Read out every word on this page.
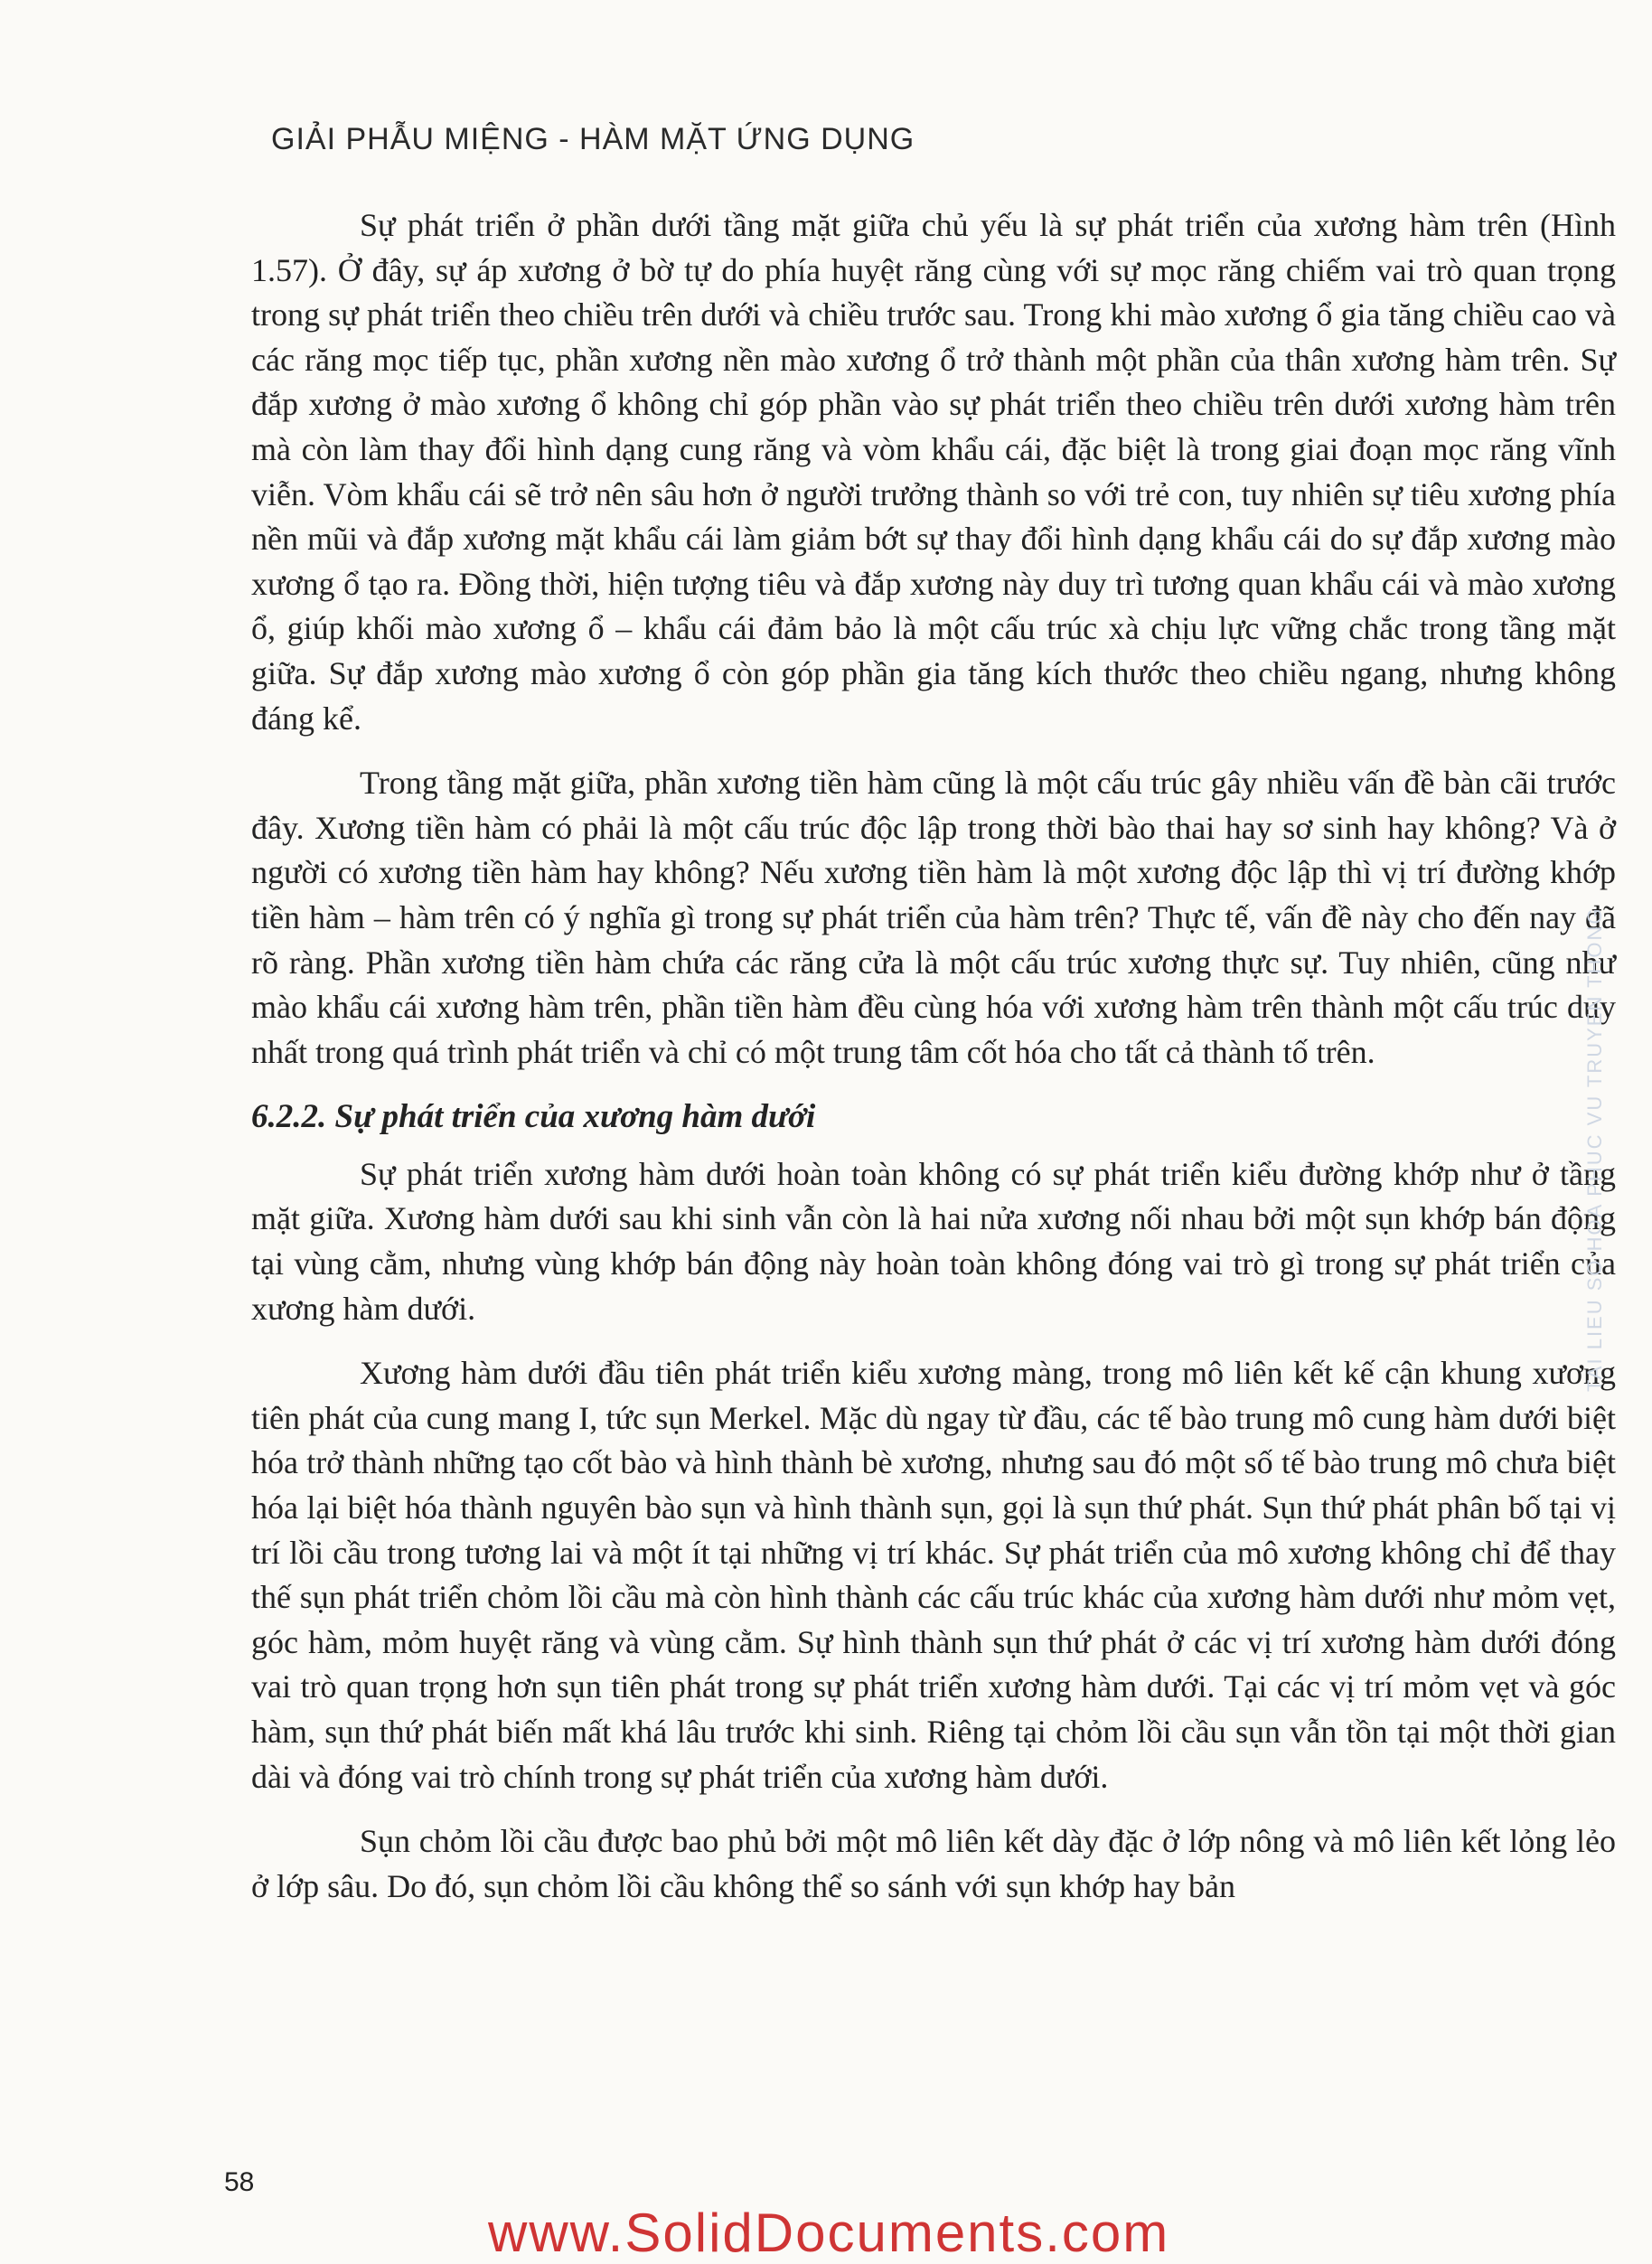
GIẢI PHẪU MIỆNG - HÀM MẶT ỨNG DỤNG

Sự phát triển ở phần dưới tầng mặt giữa chủ yếu là sự phát triển của xương hàm trên (Hình 1.57). Ở đây, sự áp xương ở bờ tự do phía huyệt răng cùng với sự mọc răng chiếm vai trò quan trọng trong sự phát triển theo chiều trên dưới và chiều trước sau. Trong khi mào xương ổ gia tăng chiều cao và các răng mọc tiếp tục, phần xương nền mào xương ổ trở thành một phần của thân xương hàm trên. Sự đắp xương ở mào xương ổ không chỉ góp phần vào sự phát triển theo chiều trên dưới xương hàm trên mà còn làm thay đổi hình dạng cung răng và vòm khẩu cái, đặc biệt là trong giai đoạn mọc răng vĩnh viễn. Vòm khẩu cái sẽ trở nên sâu hơn ở người trưởng thành so với trẻ con, tuy nhiên sự tiêu xương phía nền mũi và đắp xương mặt khẩu cái làm giảm bớt sự thay đổi hình dạng khẩu cái do sự đắp xương mào xương ổ tạo ra. Đồng thời, hiện tượng tiêu và đắp xương này duy trì tương quan khẩu cái và mào xương ổ, giúp khối mào xương ổ – khẩu cái đảm bảo là một cấu trúc xà chịu lực vững chắc trong tầng mặt giữa. Sự đắp xương mào xương ổ còn góp phần gia tăng kích thước theo chiều ngang, nhưng không đáng kể.

Trong tầng mặt giữa, phần xương tiền hàm cũng là một cấu trúc gây nhiều vấn đề bàn cãi trước đây. Xương tiền hàm có phải là một cấu trúc độc lập trong thời bào thai hay sơ sinh hay không? Và ở người có xương tiền hàm hay không? Nếu xương tiền hàm là một xương độc lập thì vị trí đường khớp tiền hàm – hàm trên có ý nghĩa gì trong sự phát triển của hàm trên? Thực tế, vấn đề này cho đến nay đã rõ ràng. Phần xương tiền hàm chứa các răng cửa là một cấu trúc xương thực sự. Tuy nhiên, cũng như mào khẩu cái xương hàm trên, phần tiền hàm đều cùng hóa với xương hàm trên thành một cấu trúc duy nhất trong quá trình phát triển và chỉ có một trung tâm cốt hóa cho tất cả thành tố trên.

6.2.2. Sự phát triển của xương hàm dưới

Sự phát triển xương hàm dưới hoàn toàn không có sự phát triển kiểu đường khớp như ở tầng mặt giữa. Xương hàm dưới sau khi sinh vẫn còn là hai nửa xương nối nhau bởi một sụn khớp bán động tại vùng cằm, nhưng vùng khớp bán động này hoàn toàn không đóng vai trò gì trong sự phát triển của xương hàm dưới.

Xương hàm dưới đầu tiên phát triển kiểu xương màng, trong mô liên kết kế cận khung xương tiên phát của cung mang I, tức sụn Merkel. Mặc dù ngay từ đầu, các tế bào trung mô cung hàm dưới biệt hóa trở thành những tạo cốt bào và hình thành bè xương, nhưng sau đó một số tế bào trung mô chưa biệt hóa lại biệt hóa thành nguyên bào sụn và hình thành sụn, gọi là sụn thứ phát. Sụn thứ phát phân bố tại vị trí lồi cầu trong tương lai và một ít tại những vị trí khác. Sự phát triển của mô xương không chỉ để thay thế sụn phát triển chỏm lồi cầu mà còn hình thành các cấu trúc khác của xương hàm dưới như mỏm vẹt, góc hàm, mỏm huyệt răng và vùng cằm. Sự hình thành sụn thứ phát ở các vị trí xương hàm dưới đóng vai trò quan trọng hơn sụn tiên phát trong sự phát triển xương hàm dưới. Tại các vị trí mỏm vẹt và góc hàm, sụn thứ phát biến mất khá lâu trước khi sinh. Riêng tại chỏm lồi cầu sụn vẫn tồn tại một thời gian dài và đóng vai trò chính trong sự phát triển của xương hàm dưới.

Sụn chỏm lồi cầu được bao phủ bởi một mô liên kết dày đặc ở lớp nông và mô liên kết lỏng lẻo ở lớp sâu. Do đó, sụn chỏm lồi cầu không thể so sánh với sụn khớp hay bản

TAI LIEU SO HOA PHUC VU TRUYEN THONG
58
www.SolidDocuments.com
